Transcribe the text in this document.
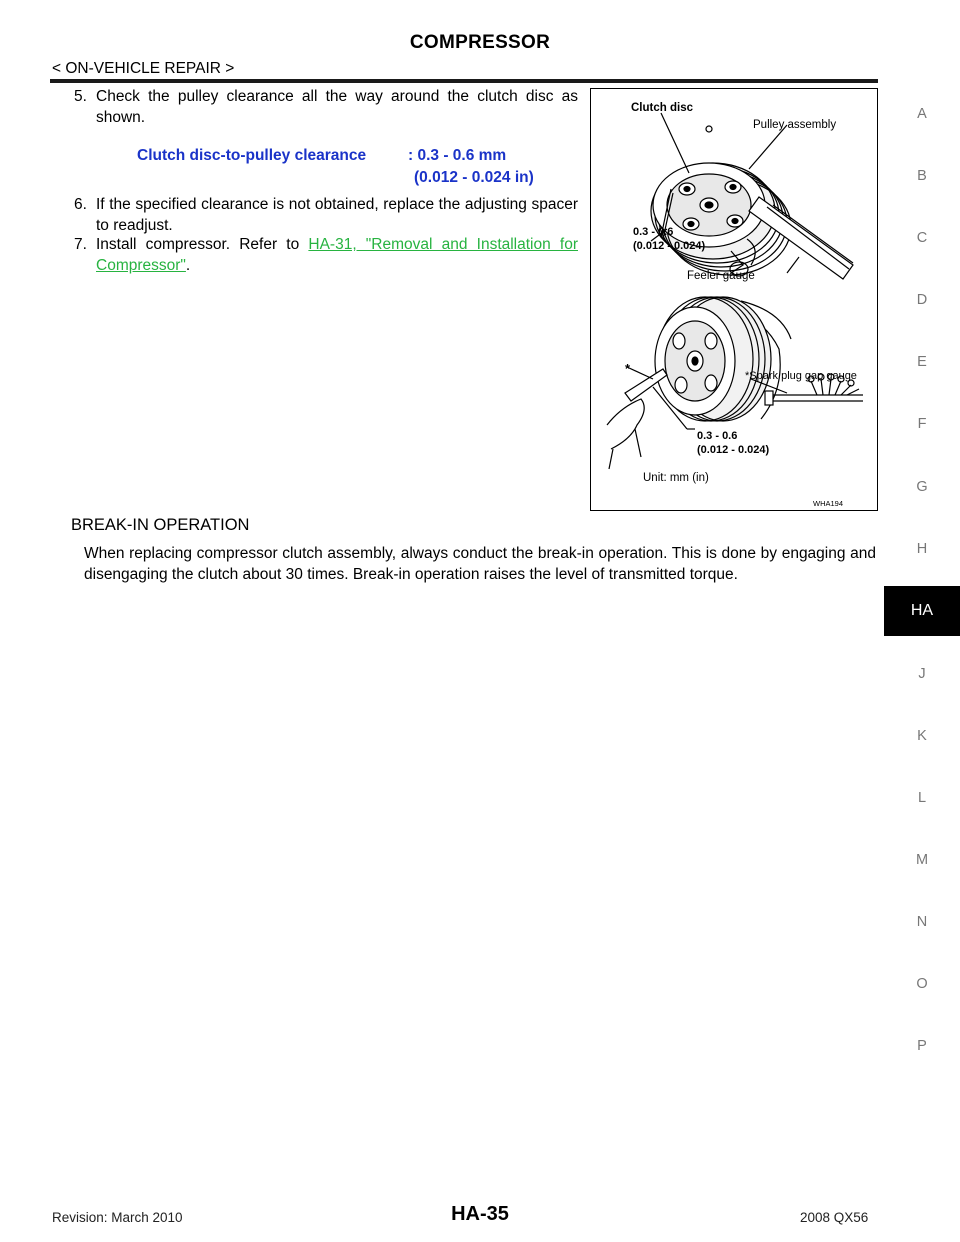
COMPRESSOR
< ON-VEHICLE REPAIR >
5. Check the pulley clearance all the way around the clutch disc as shown.
Clutch disc-to-pulley clearance	: 0.3 - 0.6 mm
(0.012 - 0.024 in)
6. If the specified clearance is not obtained, replace the adjusting spacer to readjust.
7. Install compressor. Refer to HA-31, "Removal and Installation for Compressor".
Clutch disc
Pulley assembly
0.3 - 0.6
(0.012 - 0.024)
Feeler gauge
*	*Spark plug gap gauge
0.3 - 0.6
(0.012 - 0.024)
Unit: mm (in)
WHA194
BREAK-IN OPERATION
When replacing compressor clutch assembly, always conduct the break-in operation. This is done by engaging and disengaging the clutch about 30 times. Break-in operation raises the level of transmitted torque.
A
B
C
D
E
F
G
H
HA
J
K
L
M
N
O
P
Revision: March 2010	HA-35	2008 QX56
